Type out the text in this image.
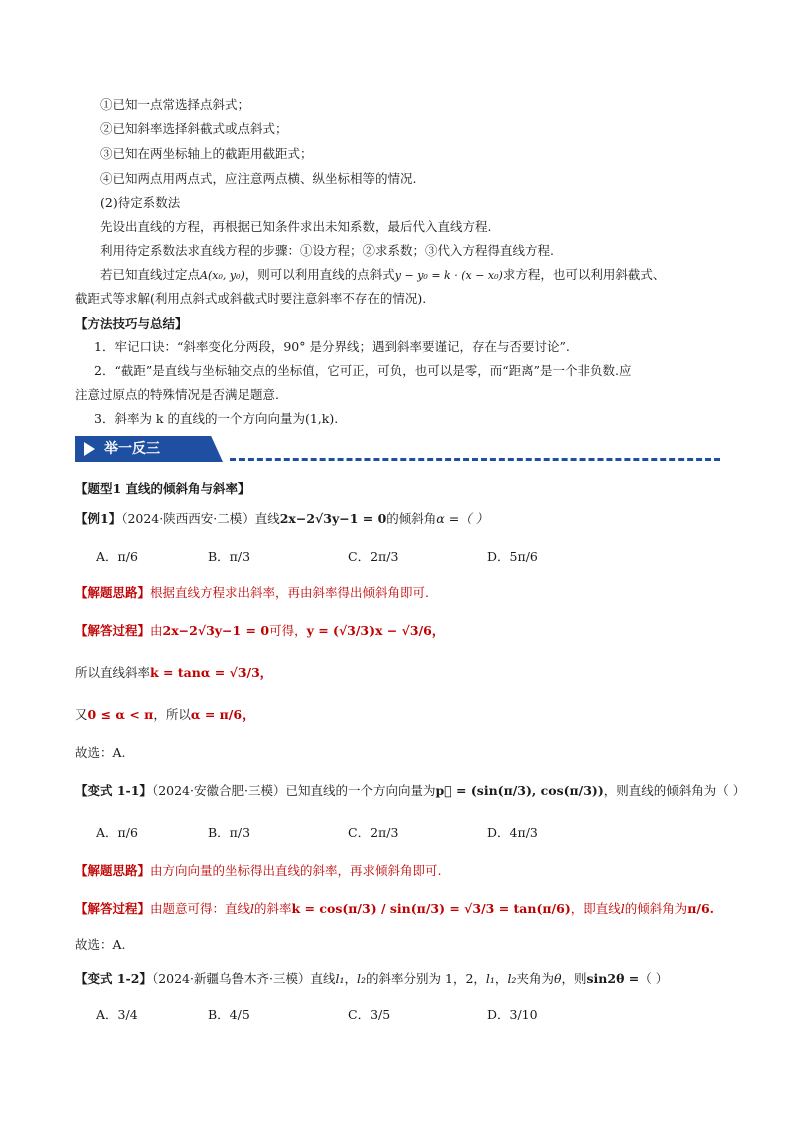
①已知一点常选择点斜式；
②已知斜率选择斜截式或点斜式；
③已知在两坐标轴上的截距用截距式；
④已知两点用两点式，应注意两点横、纵坐标相等的情况.
(2)待定系数法
先设出直线的方程，再根据已知条件求出未知系数，最后代入直线方程.
利用待定系数法求直线方程的步骤：①设方程；②求系数；③代入方程得直线方程.
若已知直线过定点A(x₀, y₀)，则可以利用直线的点斜式y − y₀ = k · (x − x₀)求方程，也可以利用斜截式、
截距式等求解(利用点斜式或斜截式时要注意斜率不存在的情况).
【方法技巧与总结】
1．牢记口诀：“斜率变化分两段，90° 是分界线；遇到斜率要谨记，存在与否要讨论”.
2．“截距”是直线与坐标轴交点的坐标值，它可正，可负，也可以是零，而“距离”是一个非负数.应
注意过原点的特殊情况是否满足题意.
3．斜率为 k 的直线的一个方向向量为(1,k).
举一反三
【题型1 直线的倾斜角与斜率】
【例1】（2024·陕西西安·二模）直线2x−2√3y−1 = 0的倾斜角α =（ ）
A．π/6	B．π/3	C．2π/3	D．5π/6
【解题思路】根据直线方程求出斜率，再由斜率得出倾斜角即可.
【解答过程】由2x−2√3y−1 = 0可得，y = (√3/3)x − √3/6，
所以直线斜率k = tanα = √3/3，
又0 ≤ α < π，所以α = π/6，
故选：A.
【变式 1-1】（2024·安徽合肥·三模）已知直线的一个方向向量为p⃗ = (sin(π/3), cos(π/3))，则直线的倾斜角为（ ）
A．π/6	B．π/3	C．2π/3	D．4π/3
【解题思路】由方向向量的坐标得出直线的斜率，再求倾斜角即可.
【解答过程】由题意可得：直线l的斜率k = cos(π/3) / sin(π/3) = √3/3 = tan(π/6)，即直线l的倾斜角为π/6.
故选：A.
【变式 1-2】（2024·新疆乌鲁木齐·三模）直线l₁，l₂的斜率分别为 1，2，l₁，l₂夹角为θ，则sin2θ =（ ）
A．3/4	B．4/5	C．3/5	D．3/10
